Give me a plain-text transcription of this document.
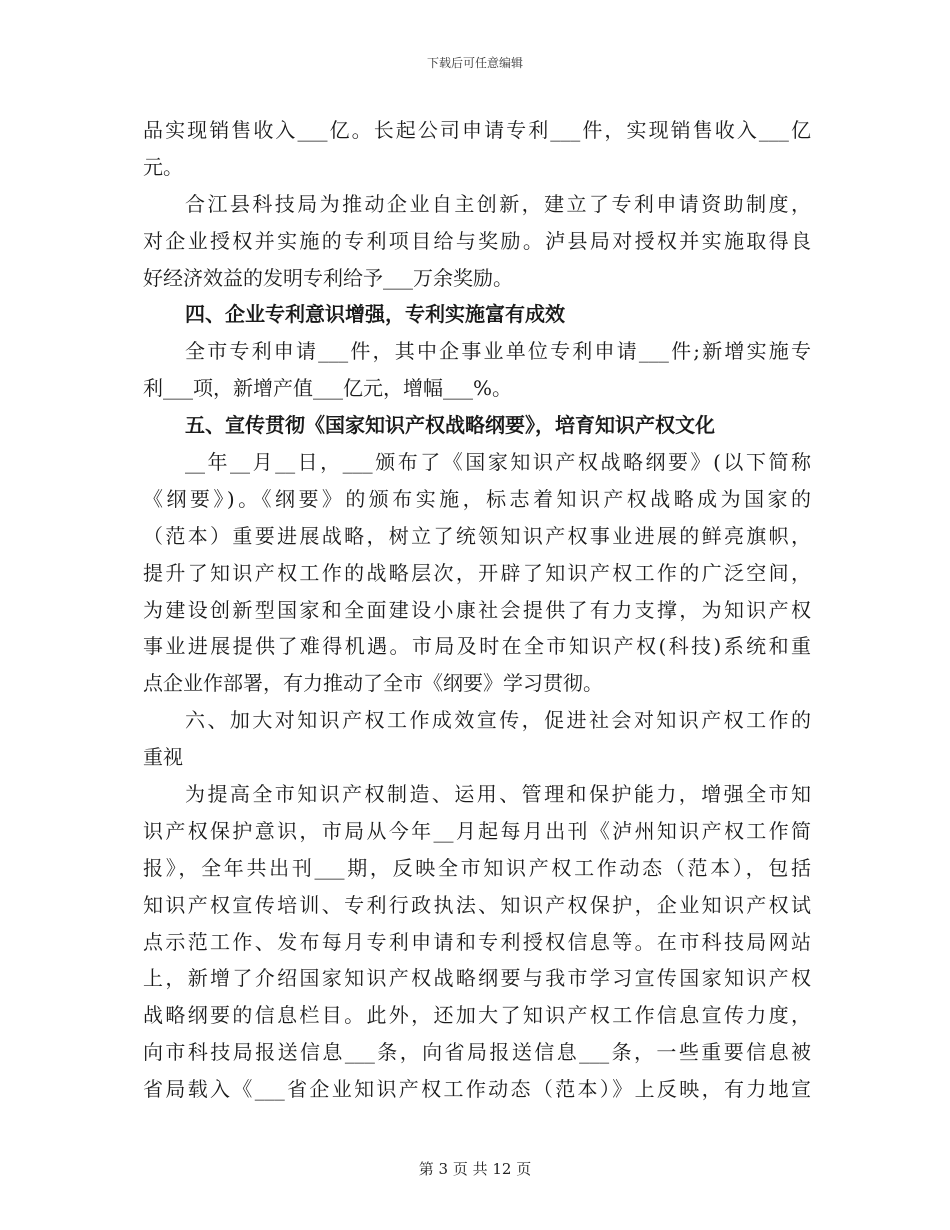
下载后可任意编辑
品实现销售收入___亿。长起公司申请专利___件，实现销售收入___亿
元。
合江县科技局为推动企业自主创新，建立了专利申请资助制度，
对企业授权并实施的专利项目给与奖励。泸县局对授权并实施取得良
好经济效益的发明专利给予___万余奖励。
四、企业专利意识增强，专利实施富有成效
全市专利申请___件，其中企事业单位专利申请___件;新增实施专
利___项，新增产值___亿元，增幅___%。
五、宣传贯彻《国家知识产权战略纲要》，培育知识产权文化
__年__月__日，___颁布了《国家知识产权战略纲要》(以下简称
《纲要》)。《纲要》的颁布实施，标志着知识产权战略成为国家的
（范本）重要进展战略，树立了统领知识产权事业进展的鲜亮旗帜，
提升了知识产权工作的战略层次，开辟了知识产权工作的广泛空间，
为建设创新型国家和全面建设小康社会提供了有力支撑，为知识产权
事业进展提供了难得机遇。市局及时在全市知识产权(科技)系统和重
点企业作部署，有力推动了全市《纲要》学习贯彻。
六、加大对知识产权工作成效宣传，促进社会对知识产权工作的
重视
为提高全市知识产权制造、运用、管理和保护能力，增强全市知
识产权保护意识，市局从今年__月起每月出刊《泸州知识产权工作简
报》，全年共出刊___期，反映全市知识产权工作动态（范本），包括
知识产权宣传培训、专利行政执法、知识产权保护，企业知识产权试
点示范工作、发布每月专利申请和专利授权信息等。在市科技局网站
上，新增了介绍国家知识产权战略纲要与我市学习宣传国家知识产权
战略纲要的信息栏目。此外，还加大了知识产权工作信息宣传力度，
向市科技局报送信息___条，向省局报送信息___条，一些重要信息被
省局载入《___省企业知识产权工作动态（范本）》上反映，有力地宣
第 3 页 共 12 页
